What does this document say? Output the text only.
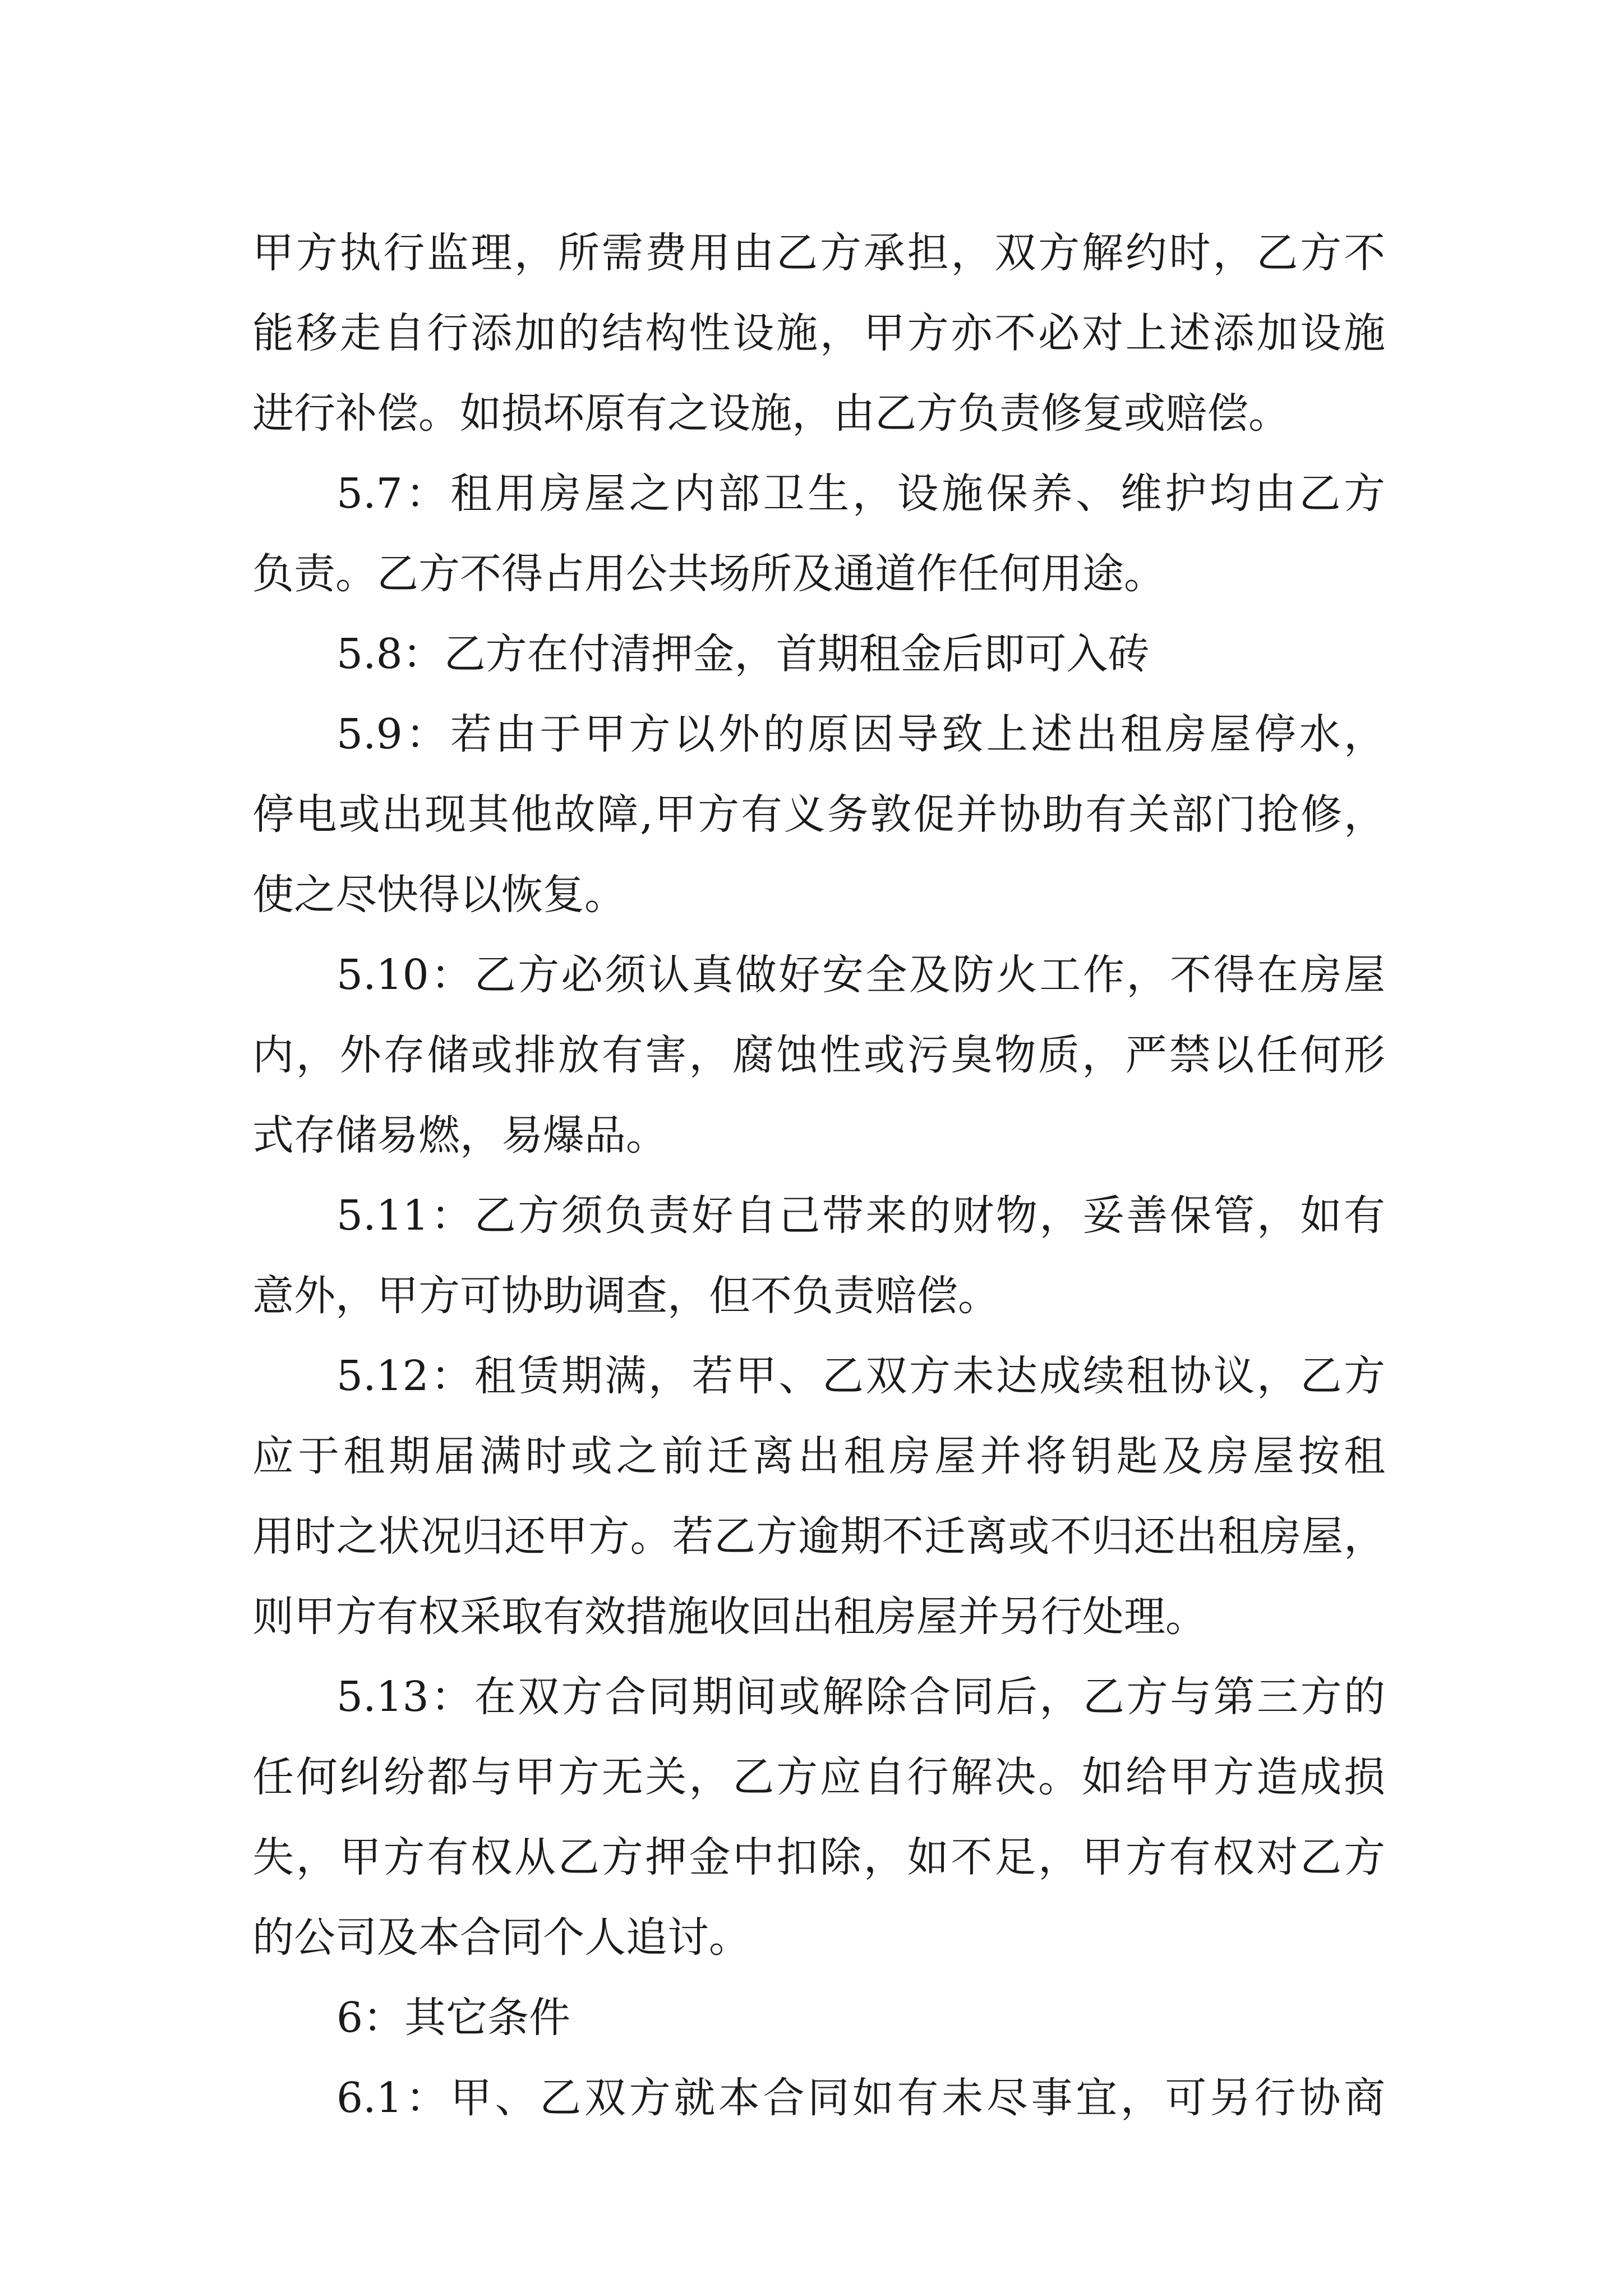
甲方执行监理，所需费用由乙方承担，双方解约时，乙方不
能移走自行添加的结构性设施，甲方亦不必对上述添加设施
进行补偿。如损坏原有之设施，由乙方负责修复或赔偿。
5.7：租用房屋之内部卫生，设施保养、维护均由乙方
负责。乙方不得占用公共场所及通道作任何用途。
5.8：乙方在付清押金，首期租金后即可入砖
5.9：若由于甲方以外的原因导致上述出租房屋停水，
停电或出现其他故障,甲方有义务敦促并协助有关部门抢修，
使之尽快得以恢复。
5.10：乙方必须认真做好安全及防火工作，不得在房屋
内，外存储或排放有害，腐蚀性或污臭物质，严禁以任何形
式存储易燃，易爆品。
5.11：乙方须负责好自己带来的财物，妥善保管，如有
意外，甲方可协助调查，但不负责赔偿。
5.12：租赁期满，若甲、乙双方未达成续租协议，乙方
应于租期届满时或之前迁离出租房屋并将钥匙及房屋按租
用时之状况归还甲方。若乙方逾期不迁离或不归还出租房屋，
则甲方有权采取有效措施收回出租房屋并另行处理。
5.13：在双方合同期间或解除合同后，乙方与第三方的
任何纠纷都与甲方无关，乙方应自行解决。如给甲方造成损
失，甲方有权从乙方押金中扣除，如不足，甲方有权对乙方
的公司及本合同个人追讨。
6：其它条件
6.1：甲、乙双方就本合同如有未尽事宜，可另行协商
